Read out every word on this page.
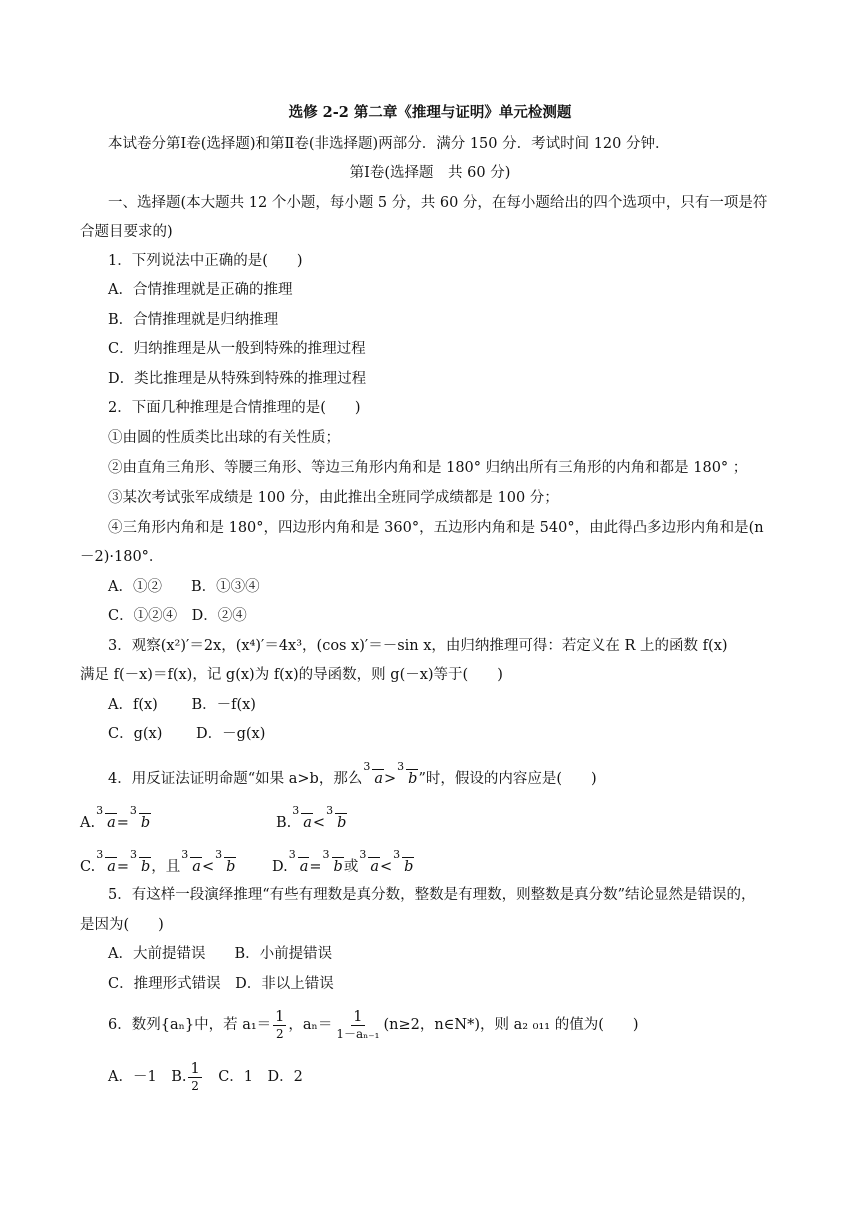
选修 2-2 第二章《推理与证明》单元检测题
本试卷分第Ⅰ卷(选择题)和第Ⅱ卷(非选择题)两部分．满分 150 分．考试时间 120 分钟．
第Ⅰ卷(选择题　共 60 分)
一、选择题(本大题共 12 个小题，每小题 5 分，共 60 分，在每小题给出的四个选项中，只有一项是符
合题目要求的)
1．下列说法中正确的是(　　)
A．合情推理就是正确的推理
B．合情推理就是归纳推理
C．归纳推理是从一般到特殊的推理过程
D．类比推理是从特殊到特殊的推理过程
2．下面几种推理是合情推理的是(　　)
①由圆的性质类比出球的有关性质；
②由直角三角形、等腰三角形、等边三角形内角和是 180° 归纳出所有三角形的内角和都是 180° ；
③某次考试张军成绩是 100 分，由此推出全班同学成绩都是 100 分；
④三角形内角和是 180°，四边形内角和是 360°，五边形内角和是 540°，由此得凸多边形内角和是(n
－2)·180°．
A．①②　　B．①③④
C．①②④　D．②④
3．观察(x²)′＝2x，(x⁴)′＝4x³，(cos x)′＝－sin x，由归纳推理可得：若定义在 R 上的函数 f(x)
满足 f(－x)＝f(x)，记 g(x)为 f(x)的导函数，则 g(－x)等于(　　)
A．f(x)　　 B．－f(x)
C．g(x)　　 D．－g(x)
4．用反证法证明命题“如果 a>b，那么
3
a>
3
b”时，假设的内容应是(　　)
A.
3
a=
3
b	B.
3
a<
3
b
C.
3
a=
3
b，且
3
a<
3
b	D.
3
a=
3
b或
3
a<
3
b
5．有这样一段演绎推理“有些有理数是真分数，整数是有理数，则整数是真分数”结论显然是错误的，
是因为(　　)
A．大前提错误　　B．小前提错误
C．推理形式错误　D．非以上错误
6．数列{aₙ}中，若 a₁＝
1
2
，aₙ＝
1
1－aₙ₋₁
(n≥2，n∈N*)，则 a₂ ₀₁₁ 的值为(　　)
A．－1　B.
1
2
　C．1　D．2
